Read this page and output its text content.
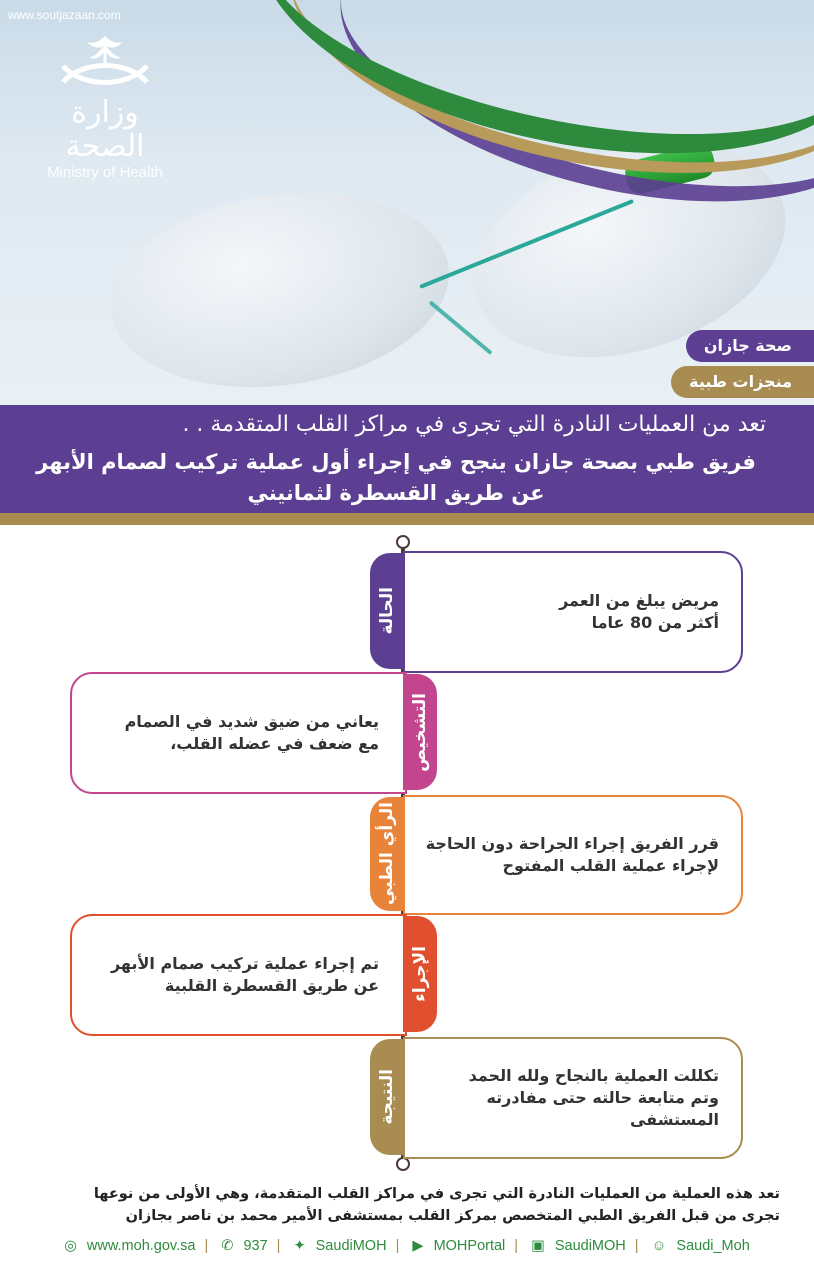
www.soutjazaan.com
وزارة الصحة
Ministry of Health
صحة جازان
منجزات طبية
تعد من العمليات النادرة التي تجرى في مراكز القلب المتقدمة . .
فريق طبي بصحة جازان ينجح في إجراء أول عملية تركيب لصمام الأبهر
عن طريق القسطرة لثمانيني
مريض يبلغ من العمر
أكثر من 80 عاما
الحالة
يعاني من ضيق شديد في الصمام
مع ضعف في عضله القلب، التشخيص
قرر الفريق إجراء الجراحة دون الحاجة
لإجراء عملية القلب المفتوح
الرأي الطبي
تم إجراء عملية تركيب صمام الأبهر
عن طريق القسطرة القلبية الإجراء
تكللت العملية بالنجاح ولله الحمد
وتم متابعة حالته حتى مفادرته
المستشفى
النتيجة
تعد هذه العملية من العمليات النادرة التي تجرى في مراكز القلب المتقدمة، وهي الأولى من نوعها
تجرى من قبل الفريق الطبي المتخصص بمركز القلب بمستشفى الأمير محمد بن ناصر بجازان
◎ www.moh.gov.sa | ✆ 937 | ✦ SaudiMOH | ▶ MOHPortal | ▣ SaudiMOH | ☺ Saudi_Moh
